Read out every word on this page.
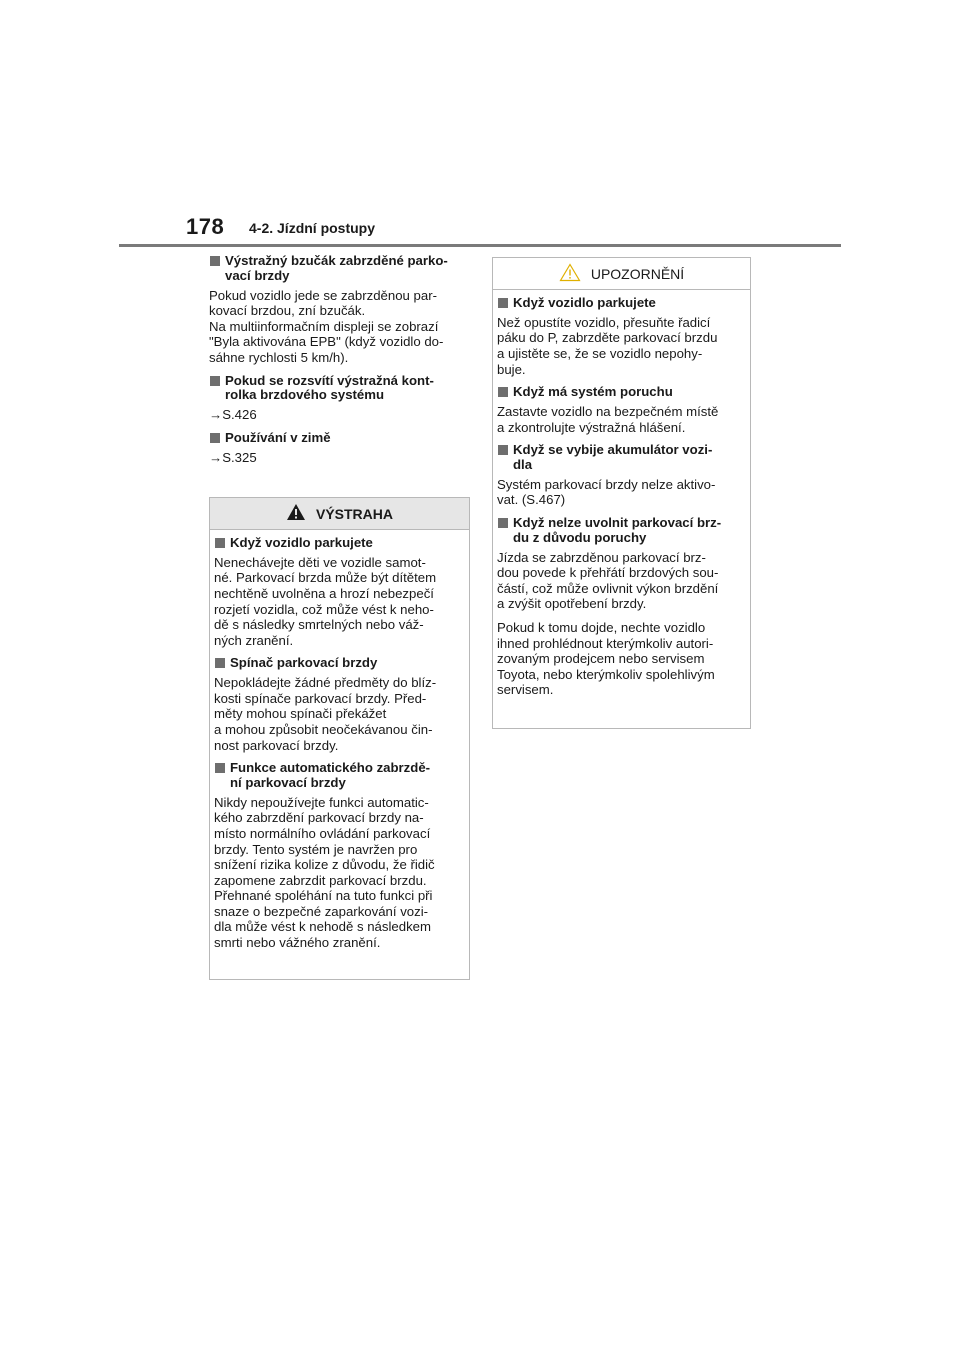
178 4-2. Jízdní postupy
Výstražný bzučák zabrzděné parko-
vací brzdy
Pokud vozidlo jede se zabrzděnou par-
kovací brzdou, zní bzučák.
Na multiinformačním displeji se zobrazí
"Byla aktivována EPB" (když vozidlo do-
sáhne rychlosti 5 km/h).
Pokud se rozsvítí výstražná kont-
rolka brzdového systému
→S.426
Používání v zimě
→S.325
VÝSTRAHA
Když vozidlo parkujete
Nenechávejte děti ve vozidle samot-
né. Parkovací brzda může být dítětem
nechtěně uvolněna a hrozí nebezpečí
rozjetí vozidla, což může vést k neho-
dě s následky smrtelných nebo váž-
ných zranění.
Spínač parkovací brzdy
Nepokládejte žádné předměty do blíz-
kosti spínače parkovací brzdy. Před-
měty mohou spínači překážet
a mohou způsobit neočekávanou čin-
nost parkovací brzdy.
Funkce automatického zabrzdě-
ní parkovací brzdy
Nikdy nepoužívejte funkci automatic-
kého zabrzdění parkovací brzdy na-
místo normálního ovládání parkovací
brzdy. Tento systém je navržen pro
snížení rizika kolize z důvodu, že řidič
zapomene zabrzdit parkovací brzdu.
Přehnané spoléhání na tuto funkci při
snaze o bezpečné zaparkování vozi-
dla může vést k nehodě s následkem
smrti nebo vážného zranění.
UPOZORNĚNÍ
Když vozidlo parkujete
Než opustíte vozidlo, přesuňte řadicí
páku do P, zabrzděte parkovací brzdu
a ujistěte se, že se vozidlo nepohy-
buje.
Když má systém poruchu
Zastavte vozidlo na bezpečném místě
a zkontrolujte výstražná hlášení.
Když se vybije akumulátor vozi-
dla
Systém parkovací brzdy nelze aktivo-
vat. (S.467)
Když nelze uvolnit parkovací brz-
du z důvodu poruchy
Jízda se zabrzděnou parkovací brz-
dou povede k přehřátí brzdových sou-
částí, což může ovlivnit výkon brzdění
a zvýšit opotřebení brzdy.
Pokud k tomu dojde, nechte vozidlo
ihned prohlédnout kterýmkoliv autori-
zovaným prodejcem nebo servisem
Toyota, nebo kterýmkoliv spolehlivým
servisem.
